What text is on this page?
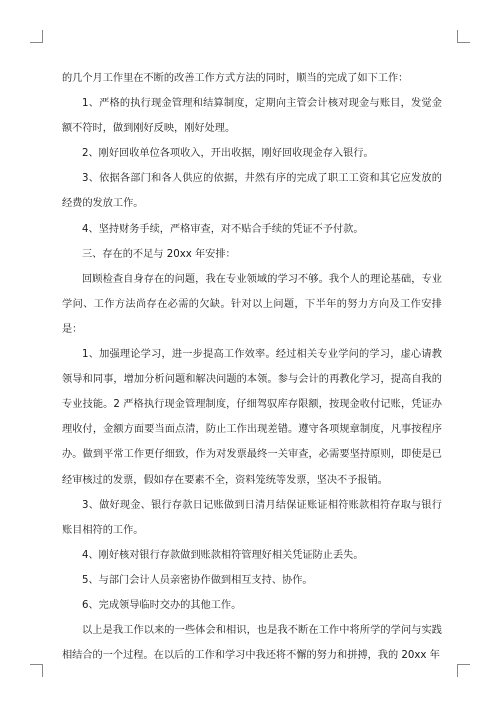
的几个月工作里在不断的改善工作方式方法的同时，顺当的完成了如下工作：

1、严格的执行现金管理和结算制度，定期向主管会计核对现金与账目，发觉金额不符时，做到刚好反映，刚好处理。

2、刚好回收单位各项收入，开出收据，刚好回收现金存入银行。

3、依据各部门和各人供应的依据，井然有序的完成了职工工资和其它应发放的经费的发放工作。

4、坚持财务手续，严格审查，对不贴合手续的凭证不予付款。

三、存在的不足与 20xx 年安排：

回顾检查自身存在的问题，我在专业领域的学习不够。我个人的理论基础，专业学问、工作方法尚存在必需的欠缺。针对以上问题，下半年的努力方向及工作安排是：

1、加强理论学习，进一步提高工作效率。经过相关专业学问的学习，虚心请教领导和同事，增加分析问题和解决问题的本领。参与会计的再教化学习，提高自我的专业技能。2 严格执行现金管理制度，仔细驾驭库存限额，按现金收付记账，凭证办理收付，金额方面要当面点清，防止工作出现差错。遵守各项规章制度，凡事按程序办。做到平常工作更仔细致，作为对发票最终一关审查，必需要坚持原则，即使是已经审核过的发票，假如存在要素不全，资料笼统等发票，坚决不予报销。

3、做好现金、银行存款日记账做到日清月结保证账证相符账款相符存取与银行账目相符的工作。

4、刚好核对银行存款做到账款相符管理好相关凭证防止丢失。

5、与部门会计人员亲密协作做到相互支持、协作。

6、完成领导临时交办的其他工作。

以上是我工作以来的一些体会和相识，也是我不断在工作中将所学的学问与实践相结合的一个过程。在以后的工作和学习中我还将不懈的努力和拼搏，我的 20xx 年
